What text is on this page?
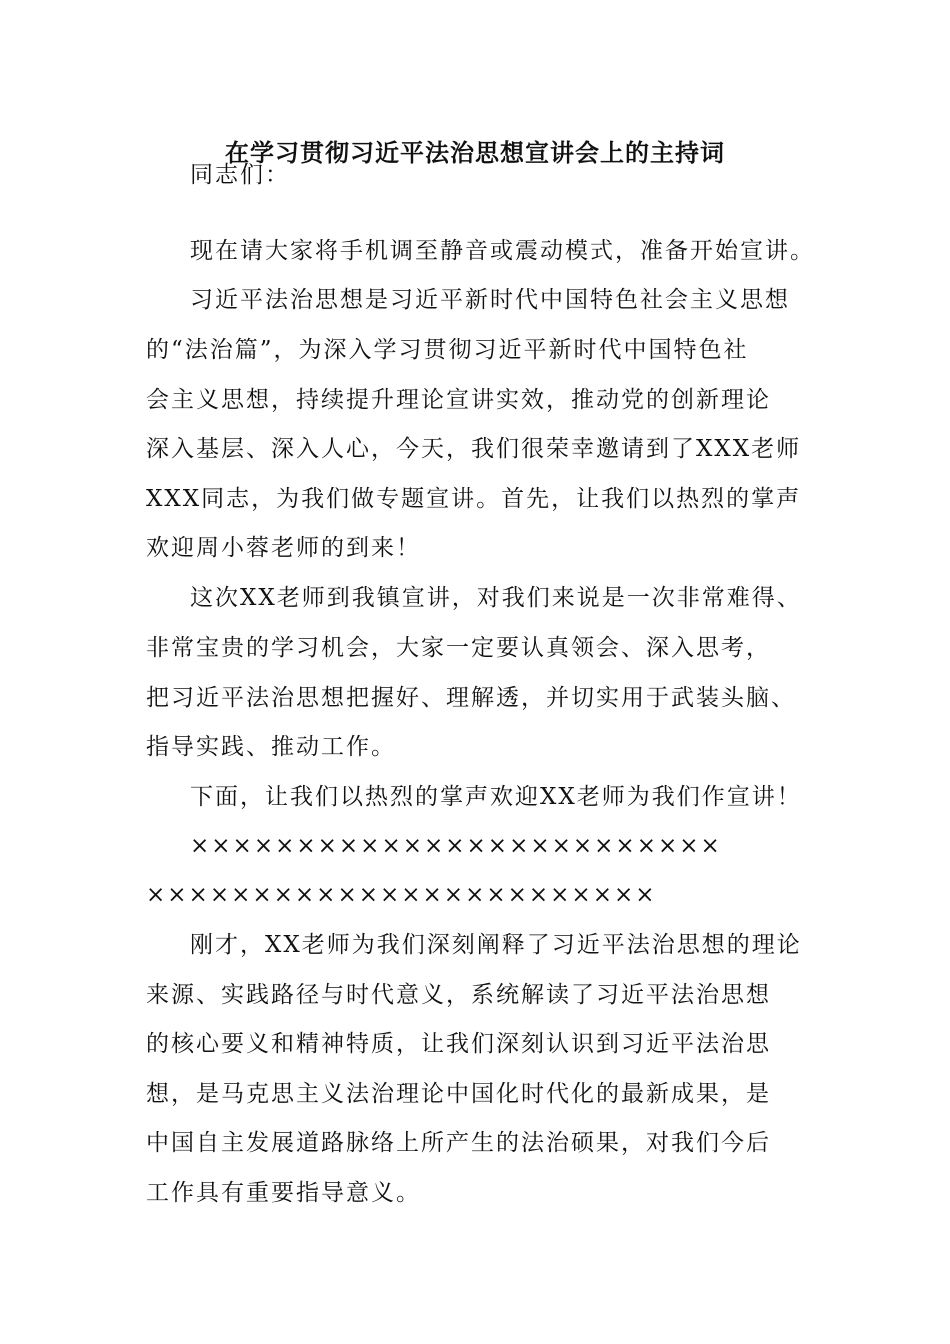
在学习贯彻习近平法治思想宣讲会上的主持词
同志们：
现在请大家将手机调至静音或震动模式，准备开始宣讲。
习近平法治思想是习近平新时代中国特色社会主义思想
的“法治篇”，为深入学习贯彻习近平新时代中国特色社
会主义思想，持续提升理论宣讲实效，推动党的创新理论
深入基层、深入人心，今天，我们很荣幸邀请到了XXX老师
XXX同志，为我们做专题宣讲。首先，让我们以热烈的掌声
欢迎周小蓉老师的到来！
这次XX老师到我镇宣讲，对我们来说是一次非常难得、
非常宝贵的学习机会，大家一定要认真领会、深入思考，
把习近平法治思想把握好、理解透，并切实用于武装头脑、
指导实践、推动工作。
下面，让我们以热烈的掌声欢迎XX老师为我们作宣讲！
×××××××××××××××××××××××××
××××××××××××××××××××××××
刚才，XX老师为我们深刻阐释了习近平法治思想的理论
来源、实践路径与时代意义，系统解读了习近平法治思想
的核心要义和精神特质，让我们深刻认识到习近平法治思
想，是马克思主义法治理论中国化时代化的最新成果，是
中国自主发展道路脉络上所产生的法治硕果，对我们今后
工作具有重要指导意义。
